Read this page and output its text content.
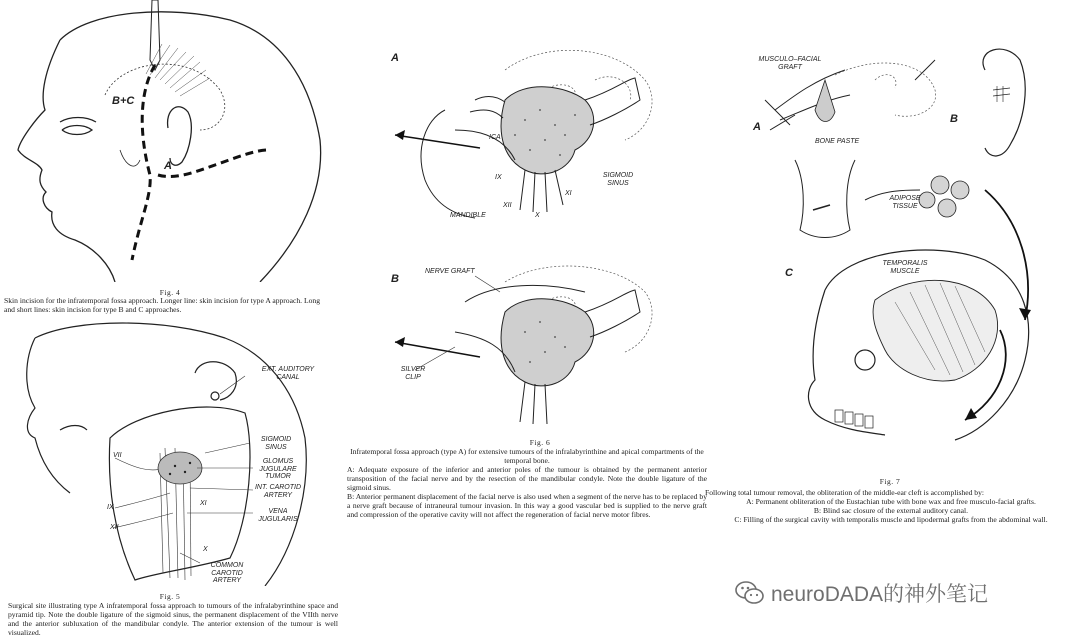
B+C
A
Fig. 4
Skin incision for the infratemporal fossa approach. Longer line: skin incision for type A approach. Long and short lines: skin incision for type B and C approaches.
EXT. AUDITORY CANAL
SIGMOID SINUS
GLOMUS JUGULARE TUMOR
INT. CAROTID ARTERY
VENA JUGULARIS
COMMON CAROTID ARTERY
VII
IX
XI
XII
X
Fig. 5
Surgical site illustrating type A infratemporal fossa approach to tumours of the infralabyrinthine space and pyramid tip. Note the double ligature of the sigmoid sinus, the permanent displacement of the VIIth nerve and the anterior subluxation of the mandibular condyle. The anterior extension of the tumour is well visualized.
A
ICA
MANDIBLE
SIGMOID SINUS
IX
XI
XII
X
B
NERVE GRAFT
SILVER CLIP
Fig. 6

Infratemporal fossa approach (type A) for extensive tumours of the infralabyrinthine and apical compartments of the temporal bone.

A: Adequate exposure of the inferior and anterior poles of the tumour is obtained by the permanent anterior transposition of the facial nerve and by the resection of the mandibular condyle. Note the double ligature of the sigmoid sinus.

B: Anterior permanent displacement of the facial nerve is also used when a segment of the nerve has to be replaced by a nerve graft because of intraneural tumour invasion. In this way a good vascular bed is supplied to the nerve graft and compression of the operative cavity will not affect the regeneration of facial nerve motor fibres.

A
B
C
MUSCULO–FACIAL GRAFT
BONE PASTE
ADIPOSE TISSUE
TEMPORALIS MUSCLE
Fig. 7

Following total tumour removal, the obliteration of the middle-ear cleft is accomplished by:

A: Permanent obliteration of the Eustachian tube with bone wax and free musculo-facial grafts.

B: Blind sac closure of the external auditory canal.

C: Filling of the surgical cavity with temporalis muscle and lipodermal grafts from the abdominal wall.

neuroDADA的神外笔记
